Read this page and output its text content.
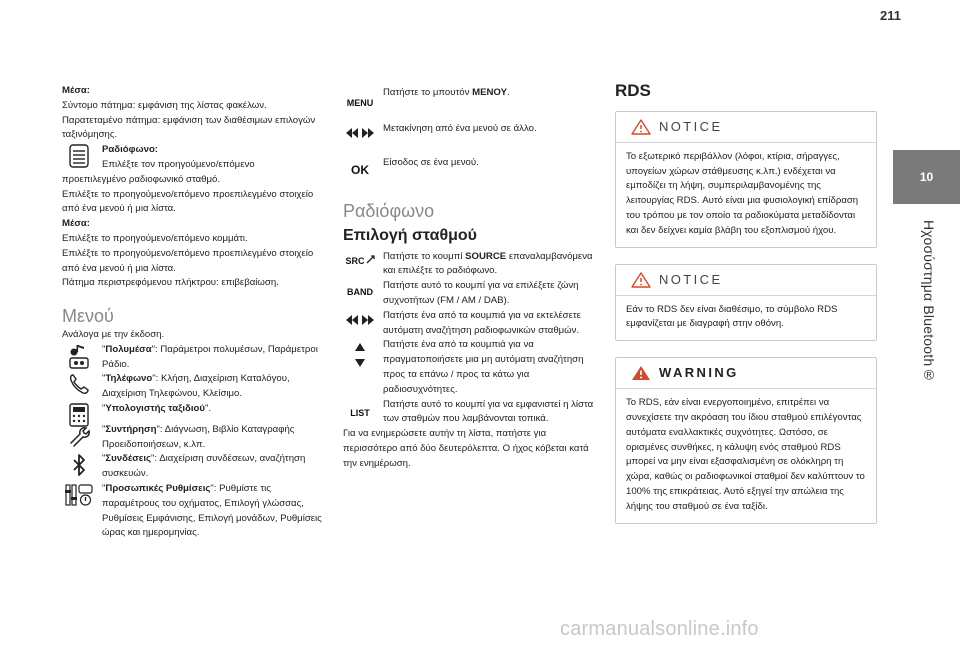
211
10
Ηχοσύστημα Bluetooth®

Μέσα:

Σύντομο πάτημα: εμφάνιση της λίστας φακέλων.

Παρατεταμένο πάτημα: εμφάνιση των διαθέσιμων επιλογών ταξινόμησης.

Ραδιόφωνο:
Επιλέξτε τον προηγούμενο/επόμενο
προεπιλεγμένο ραδιοφωνικό σταθμό.

Επιλέξτε το προηγούμενο/επόμενο προεπιλεγμένο στοιχείο από ένα μενού ή μια λίστα.

Μέσα:

Επιλέξτε το προηγούμενο/επόμενο κομμάτι.

Επιλέξτε το προηγούμενο/επόμενο προεπιλεγμένο στοιχείο από ένα μενού ή μια λίστα.

Πάτημα περιστρεφόμενου πλήκτρου: επιβεβαίωση.

Μενού

Ανάλογα με την έκδοση.

"Πολυμέσα": Παράμετροι πολυμέσων, Παράμετροι Ράδιο.
"Τηλέφωνο": Κλήση, Διαχείριση Καταλόγου, Διαχείριση Τηλεφώνου, Κλείσιμο.
"Υπολογιστής ταξιδιού".
"Συντήρηση": Διάγνωση, Βιβλίο Καταγραφής Προειδοποιήσεων, κ.λπ.
"Συνδέσεις": Διαχείριση συνδέσεων, αναζήτηση συσκευών.
"Προσωπικές Ρυθμίσεις": Ρυθμίστε τις παραμέτρους του οχήματος, Επιλογή γλώσσας, Ρυθμίσεις Εμφάνισης, Επιλογή μονάδων, Ρυθμίσεις ώρας και ημερομηνίας.
MENU
Πατήστε το μπουτόν ΜΕΝΟΥ.
Μετακίνηση από ένα μενού σε άλλο.
OK
Είσοδος σε ένα μενού.
Ραδιόφωνο
Επιλογή σταθμού
SRC	Πατήστε το κουμπί SOURCE επαναλαμβανόμενα και επιλέξτε το ραδιόφωνο.
BAND
Πατήστε αυτό το κουμπί για να επιλέξετε ζώνη συχνοτήτων (FM / AM / DAB).
Πατήστε ένα από τα κουμπιά για να εκτελέσετε αυτόματη αναζήτηση ραδιοφωνικών σταθμών.
Πατήστε ένα από τα κουμπιά για να πραγματοποιήσετε μια μη αυτόματη αναζήτηση προς τα επάνω / προς τα κάτω για ραδιοσυχνότητες.
LIST
Πατήστε αυτό το κουμπί για να εμφανιστεί η λίστα των σταθμών που λαμβάνονται τοπικά.

Για να ενημερώσετε αυτήν τη λίστα, πατήστε για περισσότερο από δύο δευτερόλεπτα. Ο ήχος κόβεται κατά την ενημέρωση.

RDS
NOTICE
Το εξωτερικό περιβάλλον (λόφοι, κτίρια, σήραγγες, υπογείων χώρων στάθμευσης κ.λπ.) ενδέχεται να εμποδίζει τη λήψη, συμπεριλαμβανομένης της λειτουργίας RDS. Αυτό είναι μια φυσιολογική επίδραση του τρόπου με τον οποίο τα ραδιοκύματα μεταδίδονται και δεν δείχνει καμία βλάβη του εξοπλισμού ήχου.
NOTICE
Εάν το RDS δεν είναι διαθέσιμο, το σύμβολο RDS εμφανίζεται με διαγραφή στην οθόνη.
WARNING
Το RDS, εάν είναι ενεργοποιημένο, επιτρέπει να συνεχίσετε την ακρόαση του ίδιου σταθμού επιλέγοντας αυτόματα εναλλακτικές συχνότητες. Ωστόσο, σε ορισμένες συνθήκες, η κάλυψη ενός σταθμού RDS μπορεί να μην είναι εξασφαλισμένη σε ολόκληρη τη χώρα, καθώς οι ραδιοφωνικοί σταθμοί δεν καλύπτουν το 100% της επικράτειας. Αυτό εξηγεί την απώλεια της λήψης του σταθμού σε ένα ταξίδι.
carmanualsonline.info
